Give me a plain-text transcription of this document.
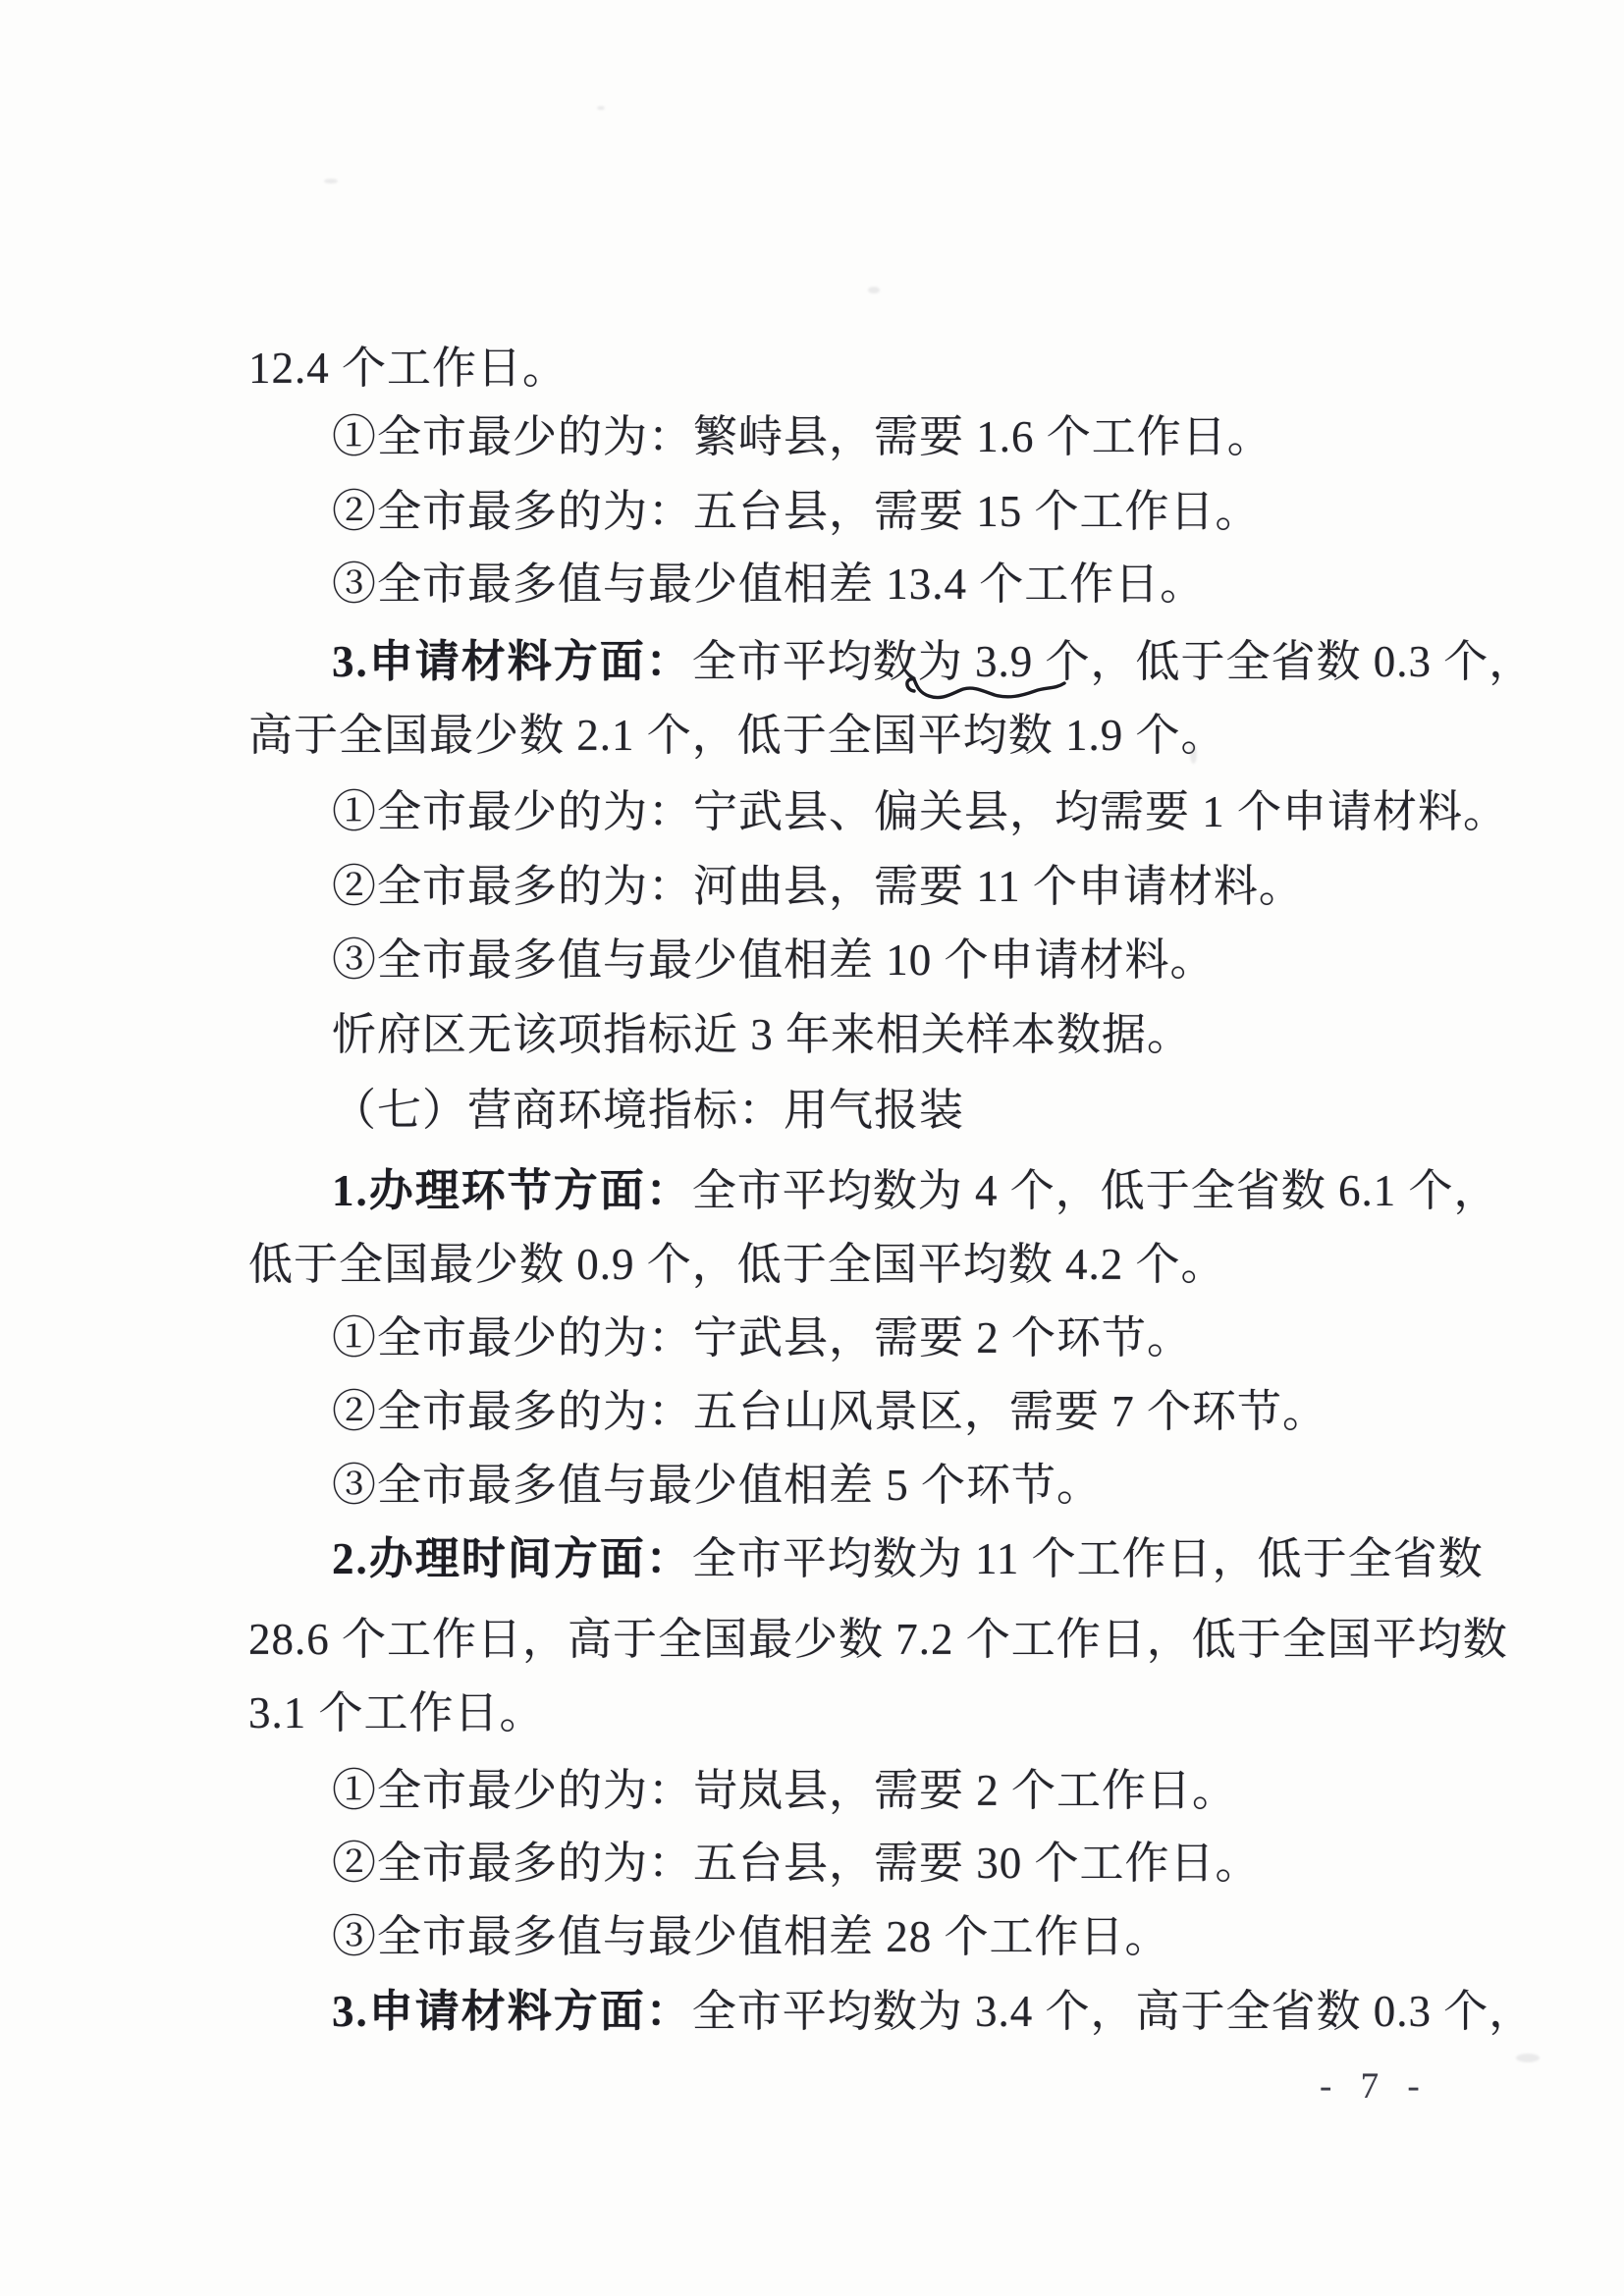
12.4 个工作日。
①全市最少的为：繁峙县，需要 1.6 个工作日。
②全市最多的为：五台县，需要 15 个工作日。
③全市最多值与最少值相差 13.4 个工作日。
3.申请材料方面：全市平均数为 3.9 个，低于全省数 0.3 个，
高于全国最少数 2.1 个，低于全国平均数 1.9 个。
①全市最少的为：宁武县、偏关县，均需要 1 个申请材料。
②全市最多的为：河曲县，需要 11 个申请材料。
③全市最多值与最少值相差 10 个申请材料。
忻府区无该项指标近 3 年来相关样本数据。
（七）营商环境指标：用气报装
1.办理环节方面：全市平均数为 4 个，低于全省数 6.1 个，
低于全国最少数 0.9 个，低于全国平均数 4.2 个。
①全市最少的为：宁武县，需要 2 个环节。
②全市最多的为：五台山风景区，需要 7 个环节。
③全市最多值与最少值相差 5 个环节。
2.办理时间方面：全市平均数为 11 个工作日，低于全省数
28.6 个工作日，高于全国最少数 7.2 个工作日，低于全国平均数
3.1 个工作日。
①全市最少的为：岢岚县，需要 2 个工作日。
②全市最多的为：五台县，需要 30 个工作日。
③全市最多值与最少值相差 28 个工作日。
3.申请材料方面：全市平均数为 3.4 个，高于全省数 0.3 个，
- 7 -
